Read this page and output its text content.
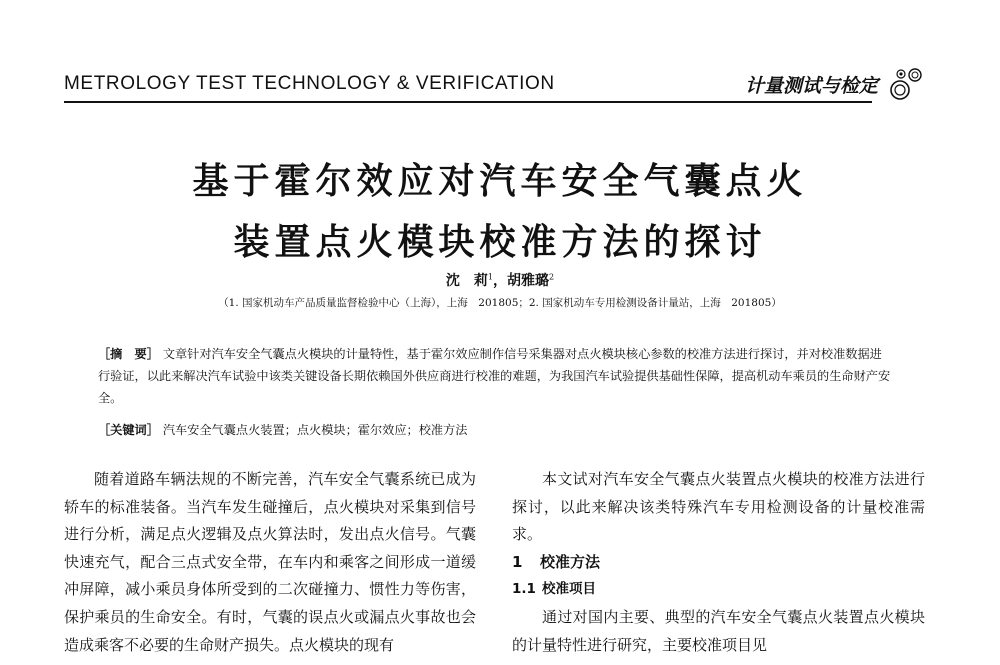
METROLOGY TEST TECHNOLOGY & VERIFICATION	计量测试与检定
基于霍尔效应对汽车安全气囊点火
装置点火模块校准方法的探讨
沈　莉$^1$，胡雅璐$^2$
（1. 国家机动车产品质量监督检验中心（上海），上海　201805；2. 国家机动车专用检测设备计量站，上海　201805）
［摘　要］ 文章针对汽车安全气囊点火模块的计量特性，基于霍尔效应制作信号采集器对点火模块核心参数的校准方法进行探讨，并对校准数据进行验证，以此来解决汽车试验中该类关键设备长期依赖国外供应商进行校准的难题，为我国汽车试验提供基础性保障，提高机动车乘员的生命财产安全。
［关键词］ 汽车安全气囊点火装置；点火模块；霍尔效应；校准方法

随着道路车辆法规的不断完善，汽车安全气囊系统已成为轿车的标准装备。当汽车发生碰撞后，点火模块对采集到信号进行分析，满足点火逻辑及点火算法时，发出点火信号。气囊快速充气，配合三点式安全带，在车内和乘客之间形成一道缓冲屏障，减小乘员身体所受到的二次碰撞力、惯性力等伤害，保护乘员的生命安全。有时，气囊的误点火或漏点火事故也会造成乘客不必要的生命财产损失。点火模块的现有

本文试对汽车安全气囊点火装置点火模块的校准方法进行探讨，以此来解决该类特殊汽车专用检测设备的计量校准需求。

1 校准方法
1.1 校准项目

通过对国内主要、典型的汽车安全气囊点火装置点火模块的计量特性进行研究，主要校准项目见
